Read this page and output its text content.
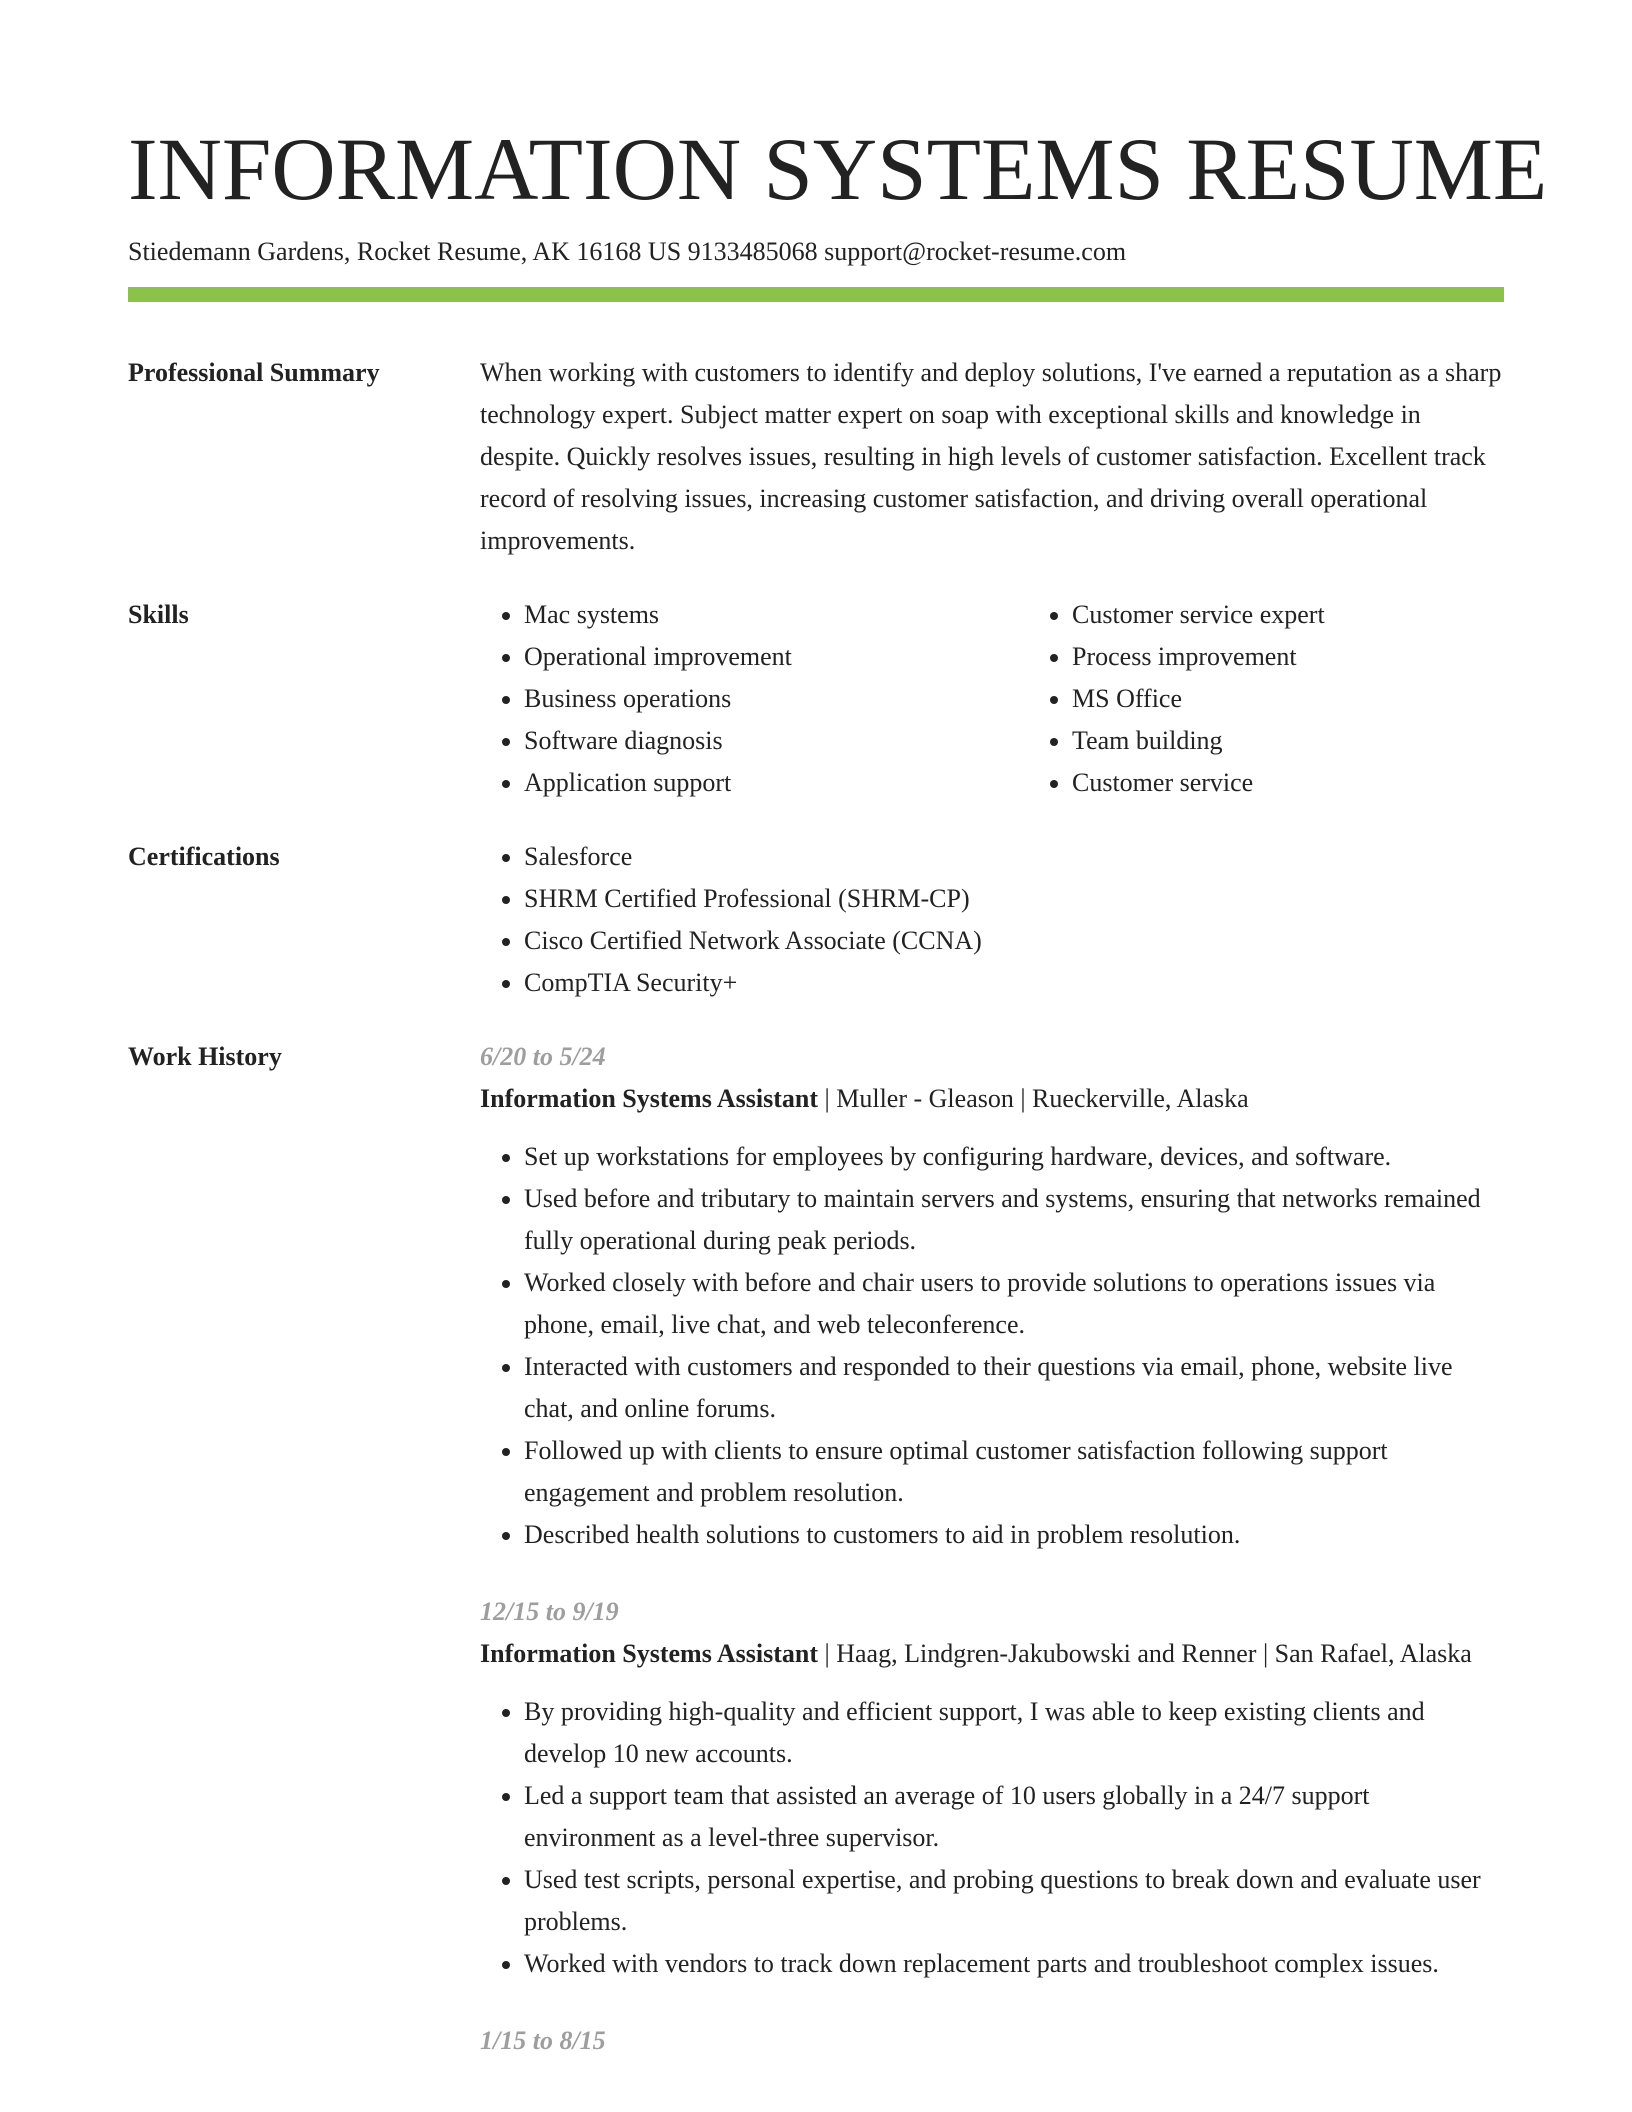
INFORMATION SYSTEMS RESUME
Stiedemann Gardens, Rocket Resume, AK 16168 US 9133485068 support@rocket-resume.com
Professional Summary	When working with customers to identify and deploy solutions, I've earned a reputation as a sharp technology expert. Subject matter expert on soap with exceptional skills and knowledge in despite. Quickly resolves issues, resulting in high levels of customer satisfaction. Excellent track record of resolving issues, increasing customer satisfaction, and driving overall operational improvements.

Skills	• Mac systems
• Operational improvement
• Business operations
• Software diagnosis
• Application support
• Customer service expert
• Process improvement
• MS Office
• Team building
• Customer service
Certifications	• Salesforce
• SHRM Certified Professional (SHRM-CP)
• Cisco Certified Network Associate (CCNA)
• CompTIA Security+
Work History	6/20 to 5/24
Information Systems Assistant | Muller - Gleason | Rueckerville, Alaska
• Set up workstations for employees by configuring hardware, devices, and software.
• Used before and tributary to maintain servers and systems, ensuring that networks remained fully operational during peak periods.
• Worked closely with before and chair users to provide solutions to operations issues via phone, email, live chat, and web teleconference.
• Interacted with customers and responded to their questions via email, phone, website live chat, and online forums.
• Followed up with clients to ensure optimal customer satisfaction following support engagement and problem resolution.
• Described health solutions to customers to aid in problem resolution.
12/15 to 9/19
Information Systems Assistant | Haag, Lindgren-Jakubowski and Renner | San Rafael, Alaska
• By providing high-quality and efficient support, I was able to keep existing clients and develop 10 new accounts.
• Led a support team that assisted an average of 10 users globally in a 24/7 support environment as a level-three supervisor.
• Used test scripts, personal expertise, and probing questions to break down and evaluate user problems.
• Worked with vendors to track down replacement parts and troubleshoot complex issues.
1/15 to 8/15
